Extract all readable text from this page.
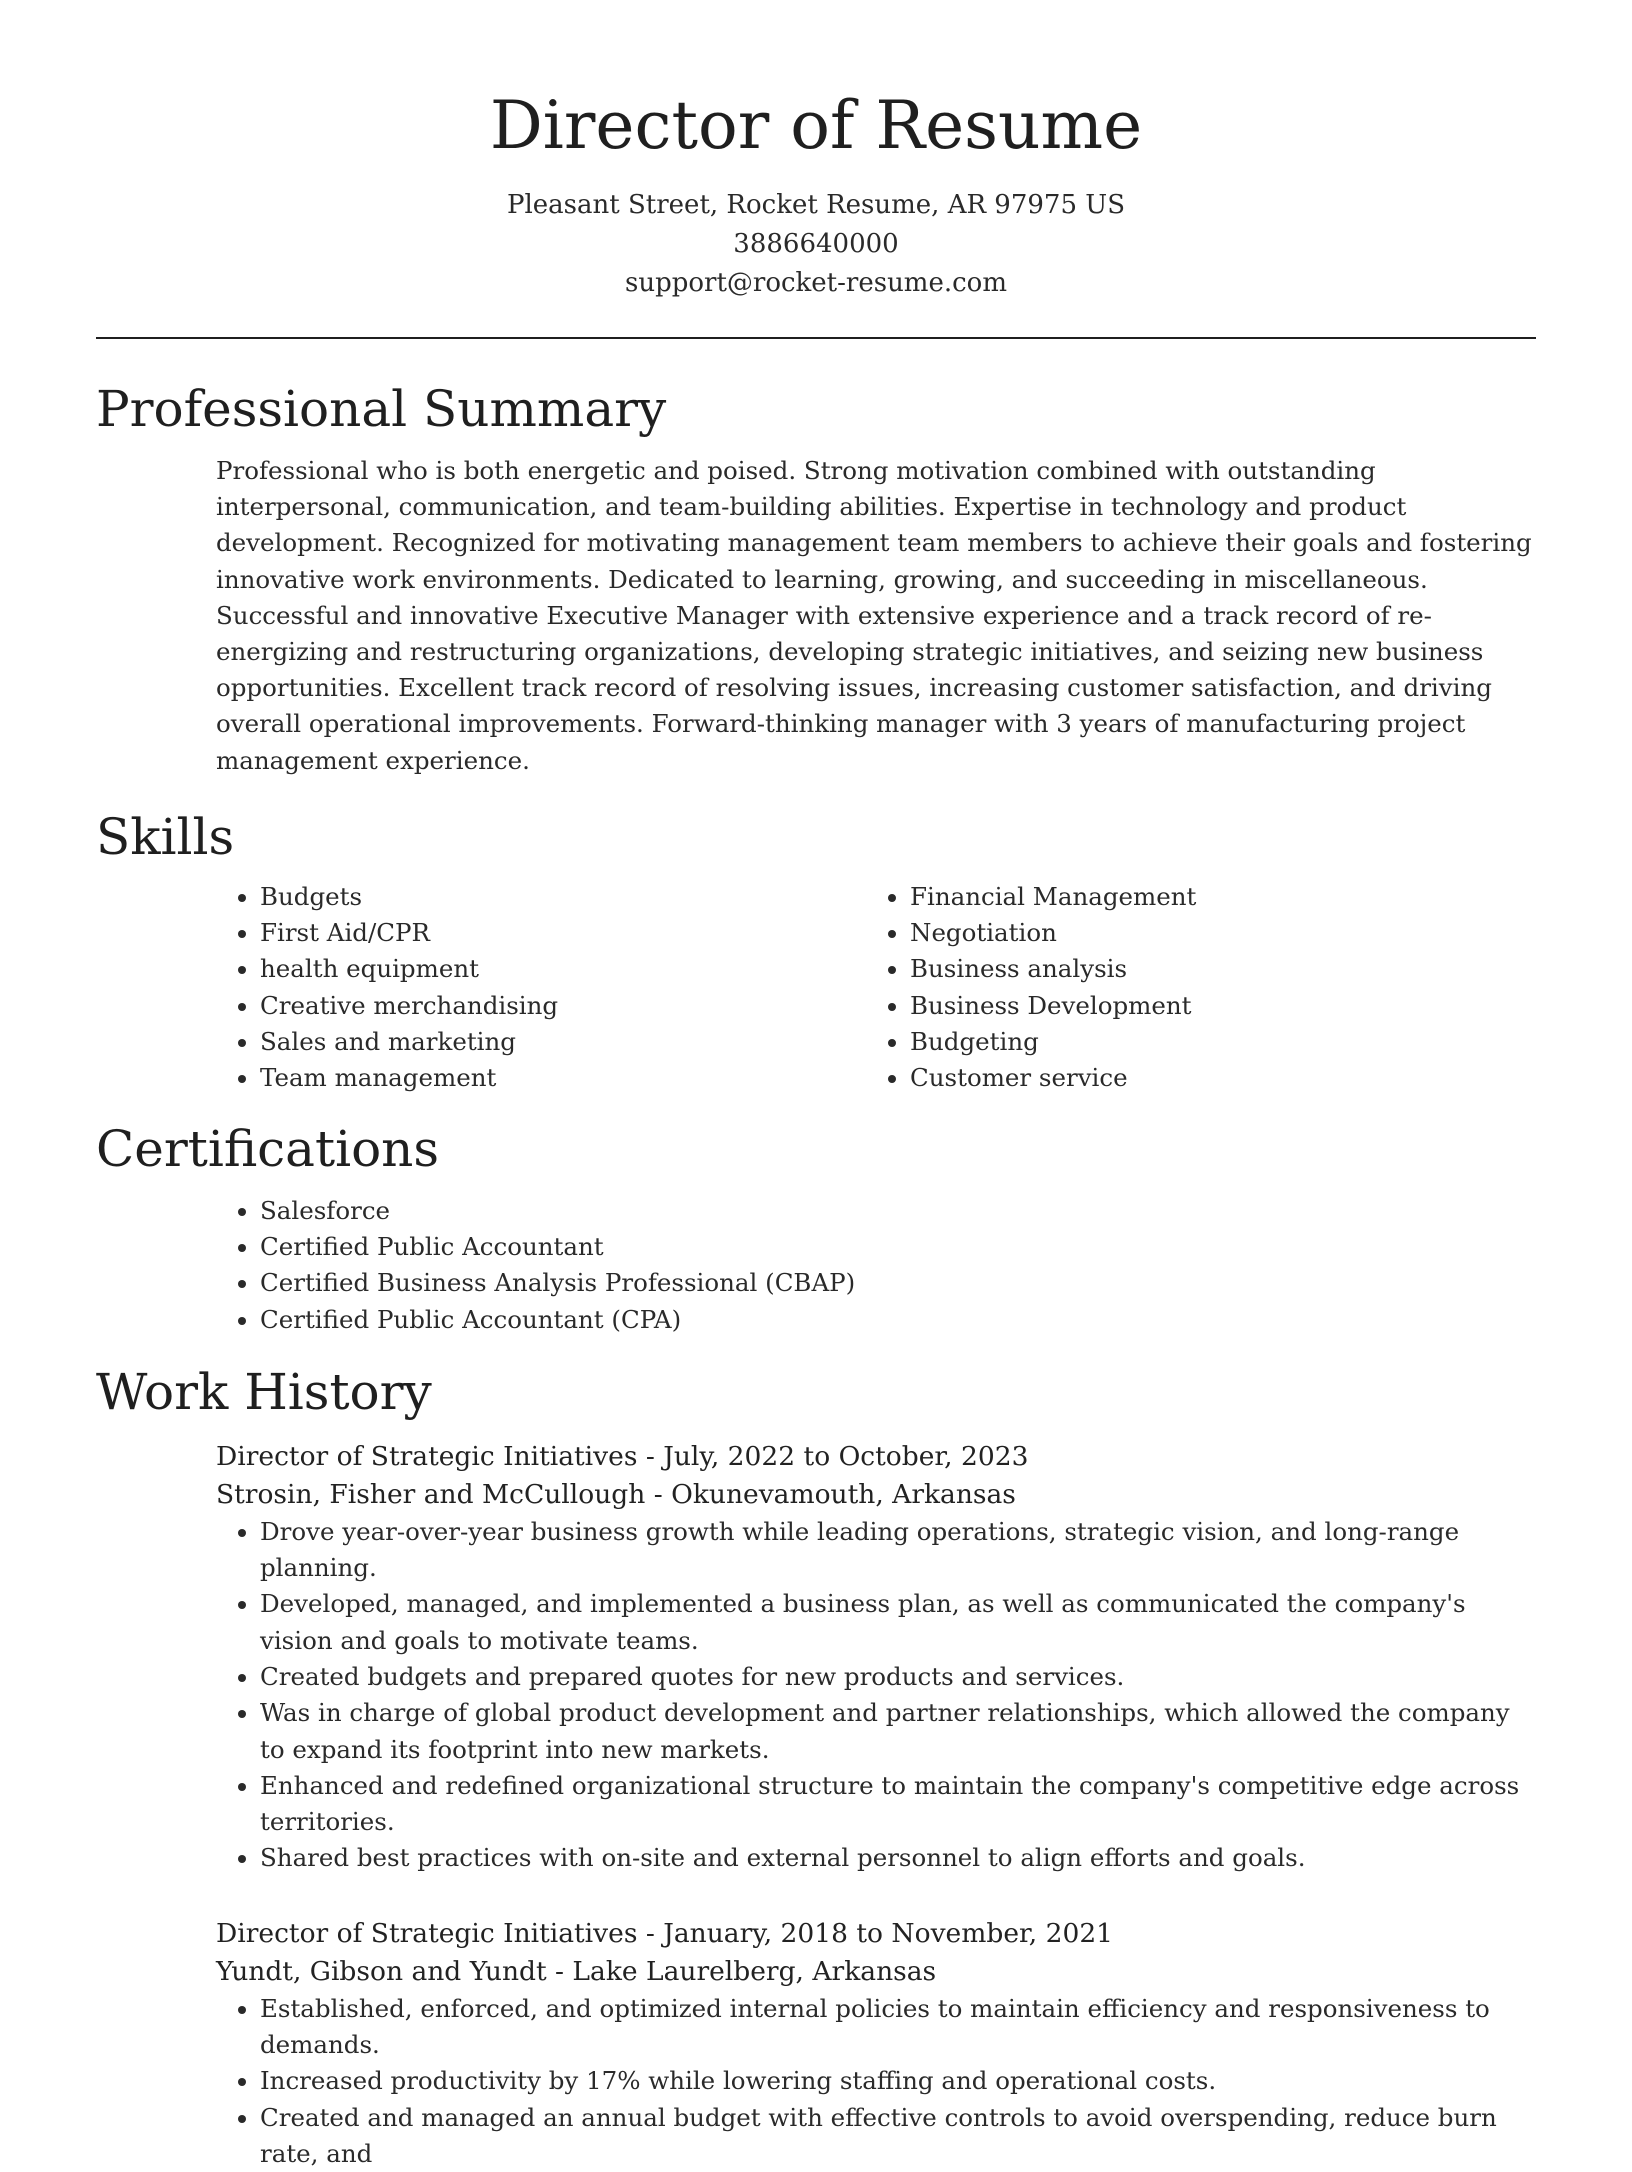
Director of Resume
Pleasant Street, Rocket Resume, AR 97975 US
3886640000
support@rocket-resume.com
Professional Summary

Professional who is both energetic and poised. Strong motivation combined with outstanding interpersonal, communication, and team-building abilities. Expertise in technology and product development. Recognized for motivating management team members to achieve their goals and fostering innovative work environments. Dedicated to learning, growing, and succeeding in miscellaneous. Successful and innovative Executive Manager with extensive experience and a track record of re-energizing and restructuring organizations, developing strategic initiatives, and seizing new business opportunities. Excellent track record of resolving issues, increasing customer satisfaction, and driving overall operational improvements. Forward-thinking manager with 3 years of manufacturing project management experience.

Skills
• Budgets
• First Aid/CPR
• health equipment
• Creative merchandising
• Sales and marketing
• Team management
• Financial Management
• Negotiation
• Business analysis
• Business Development
• Budgeting
• Customer service
Certifications
• Salesforce
• Certified Public Accountant
• Certified Business Analysis Professional (CBAP)
• Certified Public Accountant (CPA)
Work History
Director of Strategic Initiatives - July, 2022 to October, 2023
Strosin, Fisher and McCullough - Okunevamouth, Arkansas
• Drove year-over-year business growth while leading operations, strategic vision, and long-range planning.
• Developed, managed, and implemented a business plan, as well as communicated the company's vision and goals to motivate teams.
• Created budgets and prepared quotes for new products and services.
• Was in charge of global product development and partner relationships, which allowed the company to expand its footprint into new markets.
• Enhanced and redefined organizational structure to maintain the company's competitive edge across territories.
• Shared best practices with on-site and external personnel to align efforts and goals.
Director of Strategic Initiatives - January, 2018 to November, 2021
Yundt, Gibson and Yundt - Lake Laurelberg, Arkansas
• Established, enforced, and optimized internal policies to maintain efficiency and responsiveness to demands.
• Increased productivity by 17% while lowering staffing and operational costs.
• Created and managed an annual budget with effective controls to avoid overspending, reduce burn rate, and
